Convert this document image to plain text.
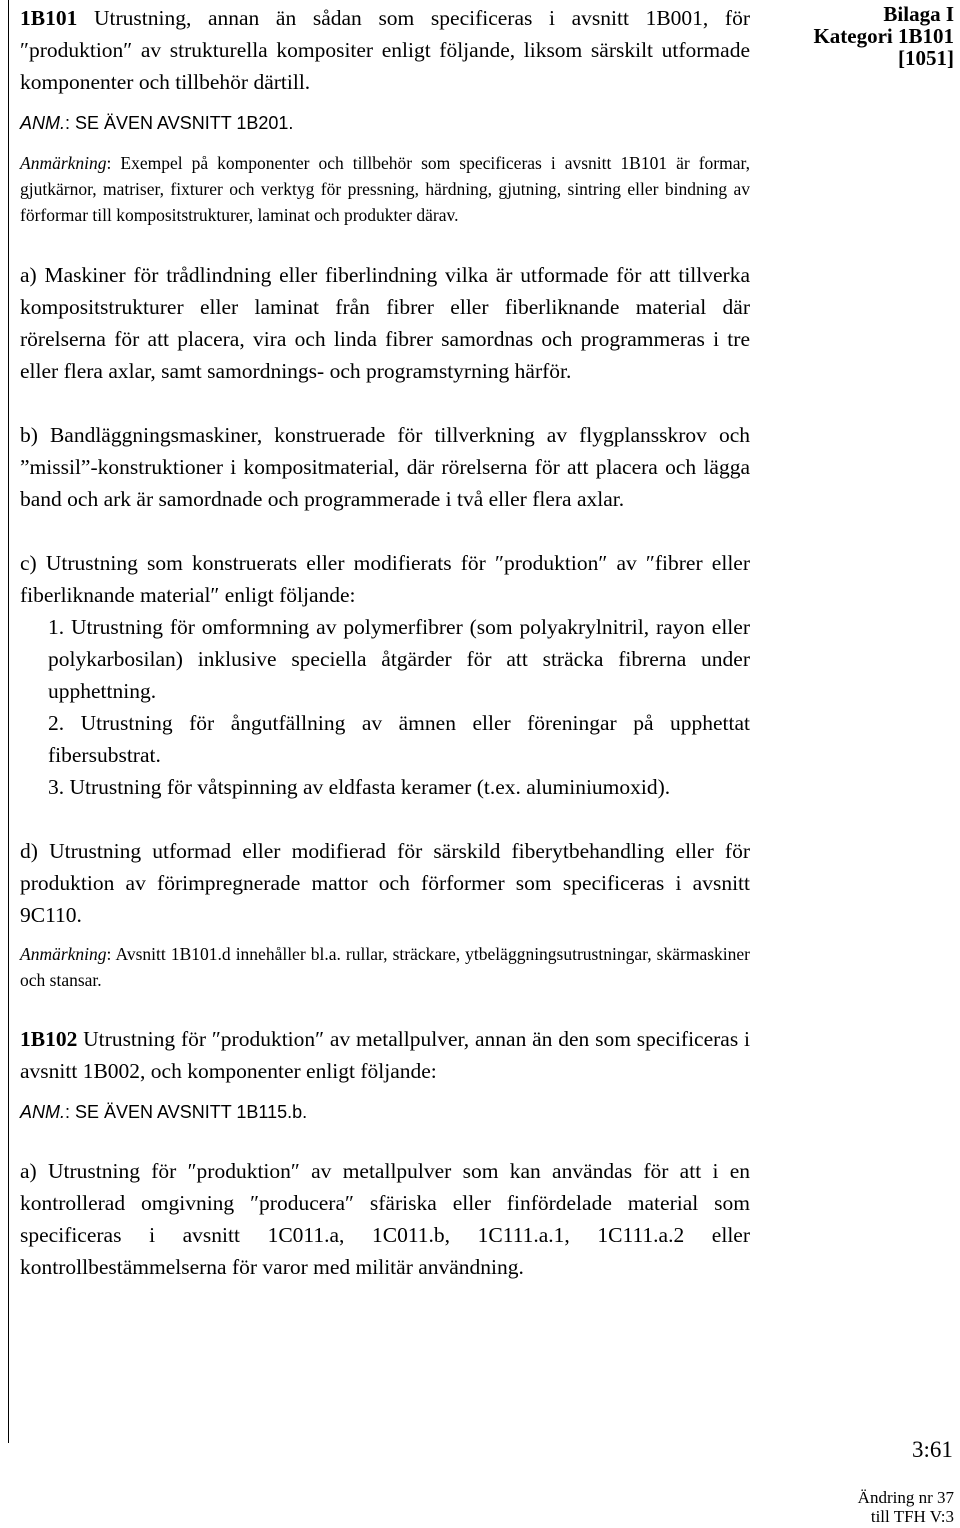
Bilaga I
Kategori 1B101
[1051]

1B101 Utrustning, annan än sådan som specificeras i avsnitt 1B001, för ″produktion″ av strukturella kompositer enligt följande, liksom särskilt utformade komponenter och tillbehör därtill.

ANM.: SE ÄVEN AVSNITT 1B201.

Anmärkning: Exempel på komponenter och tillbehör som specificeras i avsnitt 1B101 är formar, gjutkärnor, matriser, fixturer och verktyg för pressning, härdning, gjutning, sintring eller bindning av förformar till kompositstrukturer, laminat och produkter därav.

a) Maskiner för trådlindning eller fiberlindning vilka är utformade för att tillverka kompositstrukturer eller laminat från fibrer eller fiberliknande material där rörelserna för att placera, vira och linda fibrer samordnas och programmeras i tre eller flera axlar, samt samordnings- och programstyrning härför.

b) Bandläggningsmaskiner, konstruerade för tillverkning av flygplansskrov och ”missil”-konstruktioner i kompositmaterial, där rörelserna för att placera och lägga band och ark är samordnade och programmerade i två eller flera axlar.

c) Utrustning som konstruerats eller modifierats för ″produktion″ av ″fibrer eller fiberliknande material″ enligt följande:

1. Utrustning för omformning av polymerfibrer (som polyakrylnitril, rayon eller polykarbosilan) inklusive speciella åtgärder för att sträcka fibrerna under upphettning.

2. Utrustning för ångutfällning av ämnen eller föreningar på upphettat fibersubstrat.

3. Utrustning för våtspinning av eldfasta keramer (t.ex. aluminiumoxid).

d) Utrustning utformad eller modifierad för särskild fiberytbehandling eller för produktion av förimpregnerade mattor och förformer som specificeras i avsnitt 9C110.

Anmärkning: Avsnitt 1B101.d innehåller bl.a. rullar, sträckare, ytbeläggningsutrustningar, skärmaskiner och stansar.

1B102 Utrustning för ″produktion″ av metallpulver, annan än den som specificeras i avsnitt 1B002, och komponenter enligt följande:

ANM.: SE ÄVEN AVSNITT 1B115.b.

a) Utrustning för ″produktion″ av metallpulver som kan användas för att i en kontrollerad omgivning ″producera″ sfäriska eller finfördelade material som specificeras i avsnitt 1C011.a, 1C011.b, 1C111.a.1, 1C111.a.2 eller kontrollbestämmelserna för varor med militär användning.

3:61
Ändring nr 37
till TFH V:3
